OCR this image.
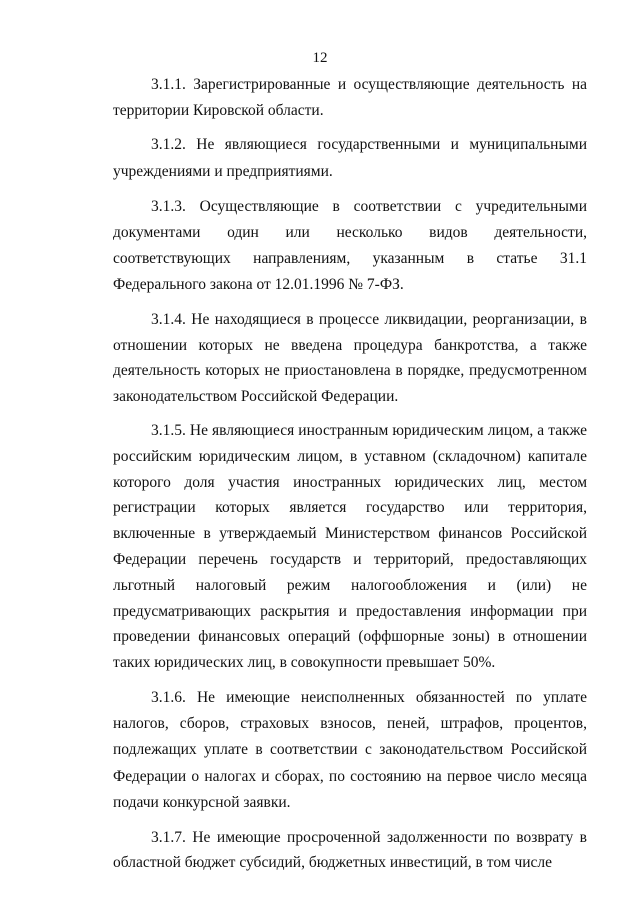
12

3.1.1. Зарегистрированные и осуществляющие деятельность на территории Кировской области.

3.1.2. Не являющиеся государственными и муниципальными учреждениями и предприятиями.

3.1.3. Осуществляющие в соответствии с учредительными документами один или несколько видов деятельности, соответствующих направлениям, указанным в статье 31.1 Федерального закона от 12.01.1996 № 7-ФЗ.

3.1.4. Не находящиеся в процессе ликвидации, реорганизации, в отношении которых не введена процедура банкротства, а также деятельность которых не приостановлена в порядке, предусмотренном законодательством Российской Федерации.

3.1.5. Не являющиеся иностранным юридическим лицом, а также российским юридическим лицом, в уставном (складочном) капитале которого доля участия иностранных юридических лиц, местом регистрации которых является государство или территория, включенные в утверждаемый Министерством финансов Российской Федерации перечень государств и территорий, предоставляющих льготный налоговый режим налогообложения и (или) не предусматривающих раскрытия и предоставления информации при проведении финансовых операций (оффшорные зоны) в отношении таких юридических лиц, в совокупности превышает 50%.

3.1.6. Не имеющие неисполненных обязанностей по уплате налогов, сборов, страховых взносов, пеней, штрафов, процентов, подлежащих уплате в соответствии с законодательством Российской Федерации о налогах и сборах, по состоянию на первое число месяца подачи конкурсной заявки.

3.1.7. Не имеющие просроченной задолженности по возврату в областной бюджет субсидий, бюджетных инвестиций, в том числе
